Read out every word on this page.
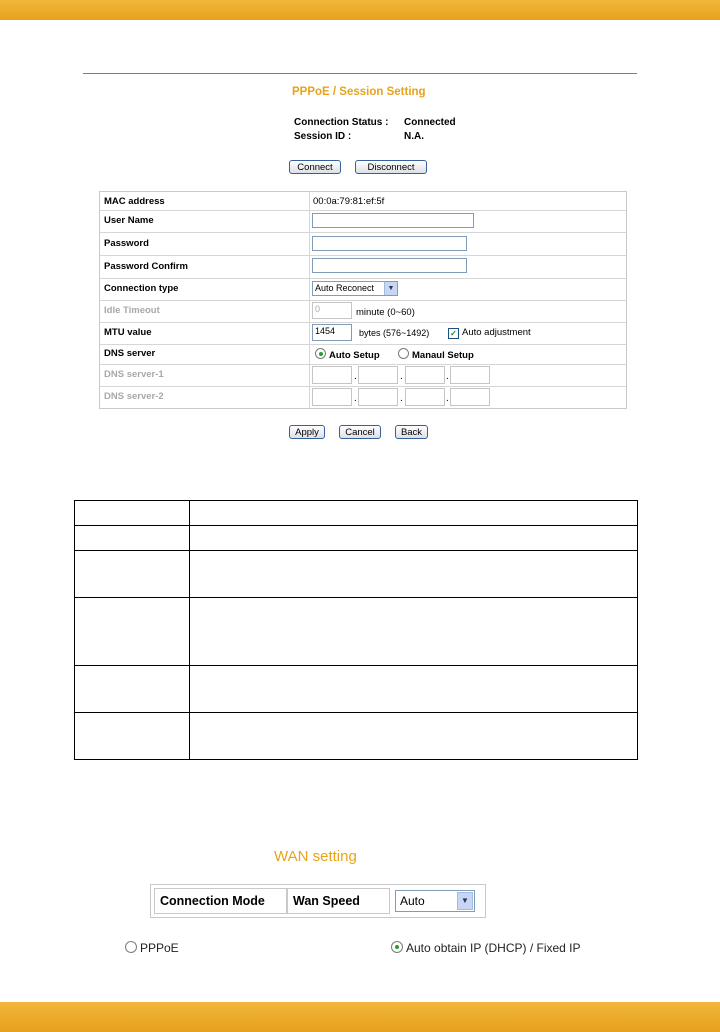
PPPoE / Session Setting
Connection Status : Connected
Session ID :	N.A.
Connect	Disconnect
MAC address	00:0a:79:81:ef:5f
User Name
Password
Password Confirm
Connection type	Auto Reconect	▼
Idle Timeout	0	minute (0~60)
MTU value	1454	bytes (576~1492)	✓ Auto adjustment
DNS server	Auto Setup	Manaul Setup
DNS server-1	.	.	.
DNS server-2	.	.	.
Apply	Cancel	Back

WAN setting
Connection Mode	Wan Speed	Auto	▼
PPPoE	Auto obtain IP (DHCP) / Fixed IP
